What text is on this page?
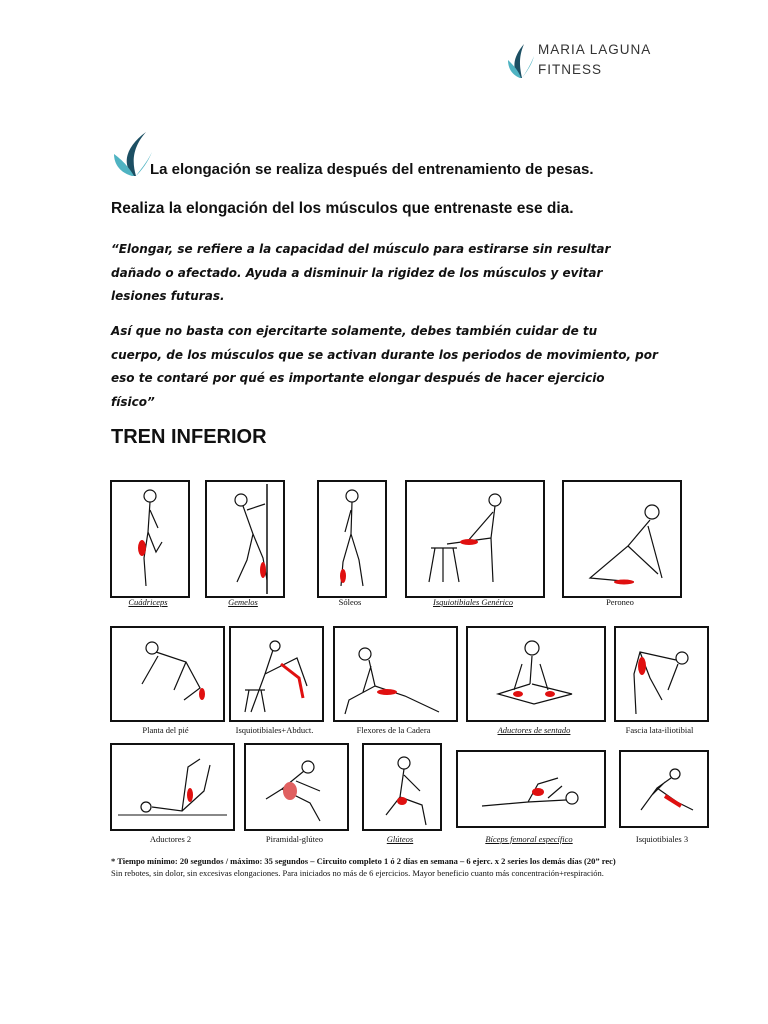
MARIA LAGUNA
FITNESS
La elongación se realiza después del entrenamiento de pesas.
Realiza la elongación del los músculos que entrenaste ese dia.
“Elongar, se refiere a la capacidad del músculo para estirarse sin resultar
dañado o afectado. Ayuda a disminuir la rigidez de los músculos y evitar
lesiones futuras.
Así que no basta con ejercitarte solamente, debes también cuidar de tu
cuerpo, de los músculos que se activan durante los periodos de movimiento, por
eso te contaré por qué es importante elongar después de hacer ejercicio
físico”
TREN INFERIOR
Cuádriceps	Gemelos	Sóleos	Isquiotibiales Genérico	Peroneo
Planta del pié	Isquiotibiales+Abduct.	Flexores de la Cadera	Aductores de sentado	Fascia lata-iliotibial
Aductores 2	Piramidal-glúteo	Glúteos	Bíceps femoral específico	Isquiotibiales 3
* Tiempo mínimo: 20 segundos / máximo: 35 segundos – Circuito completo 1 ó 2 días en semana – 6 ejerc. x 2 series los demás días (20” rec)
Sin rebotes, sin dolor, sin excesivas elongaciones. Para iniciados no más de 6 ejercicios. Mayor beneficio cuanto más concentración+respiración.
